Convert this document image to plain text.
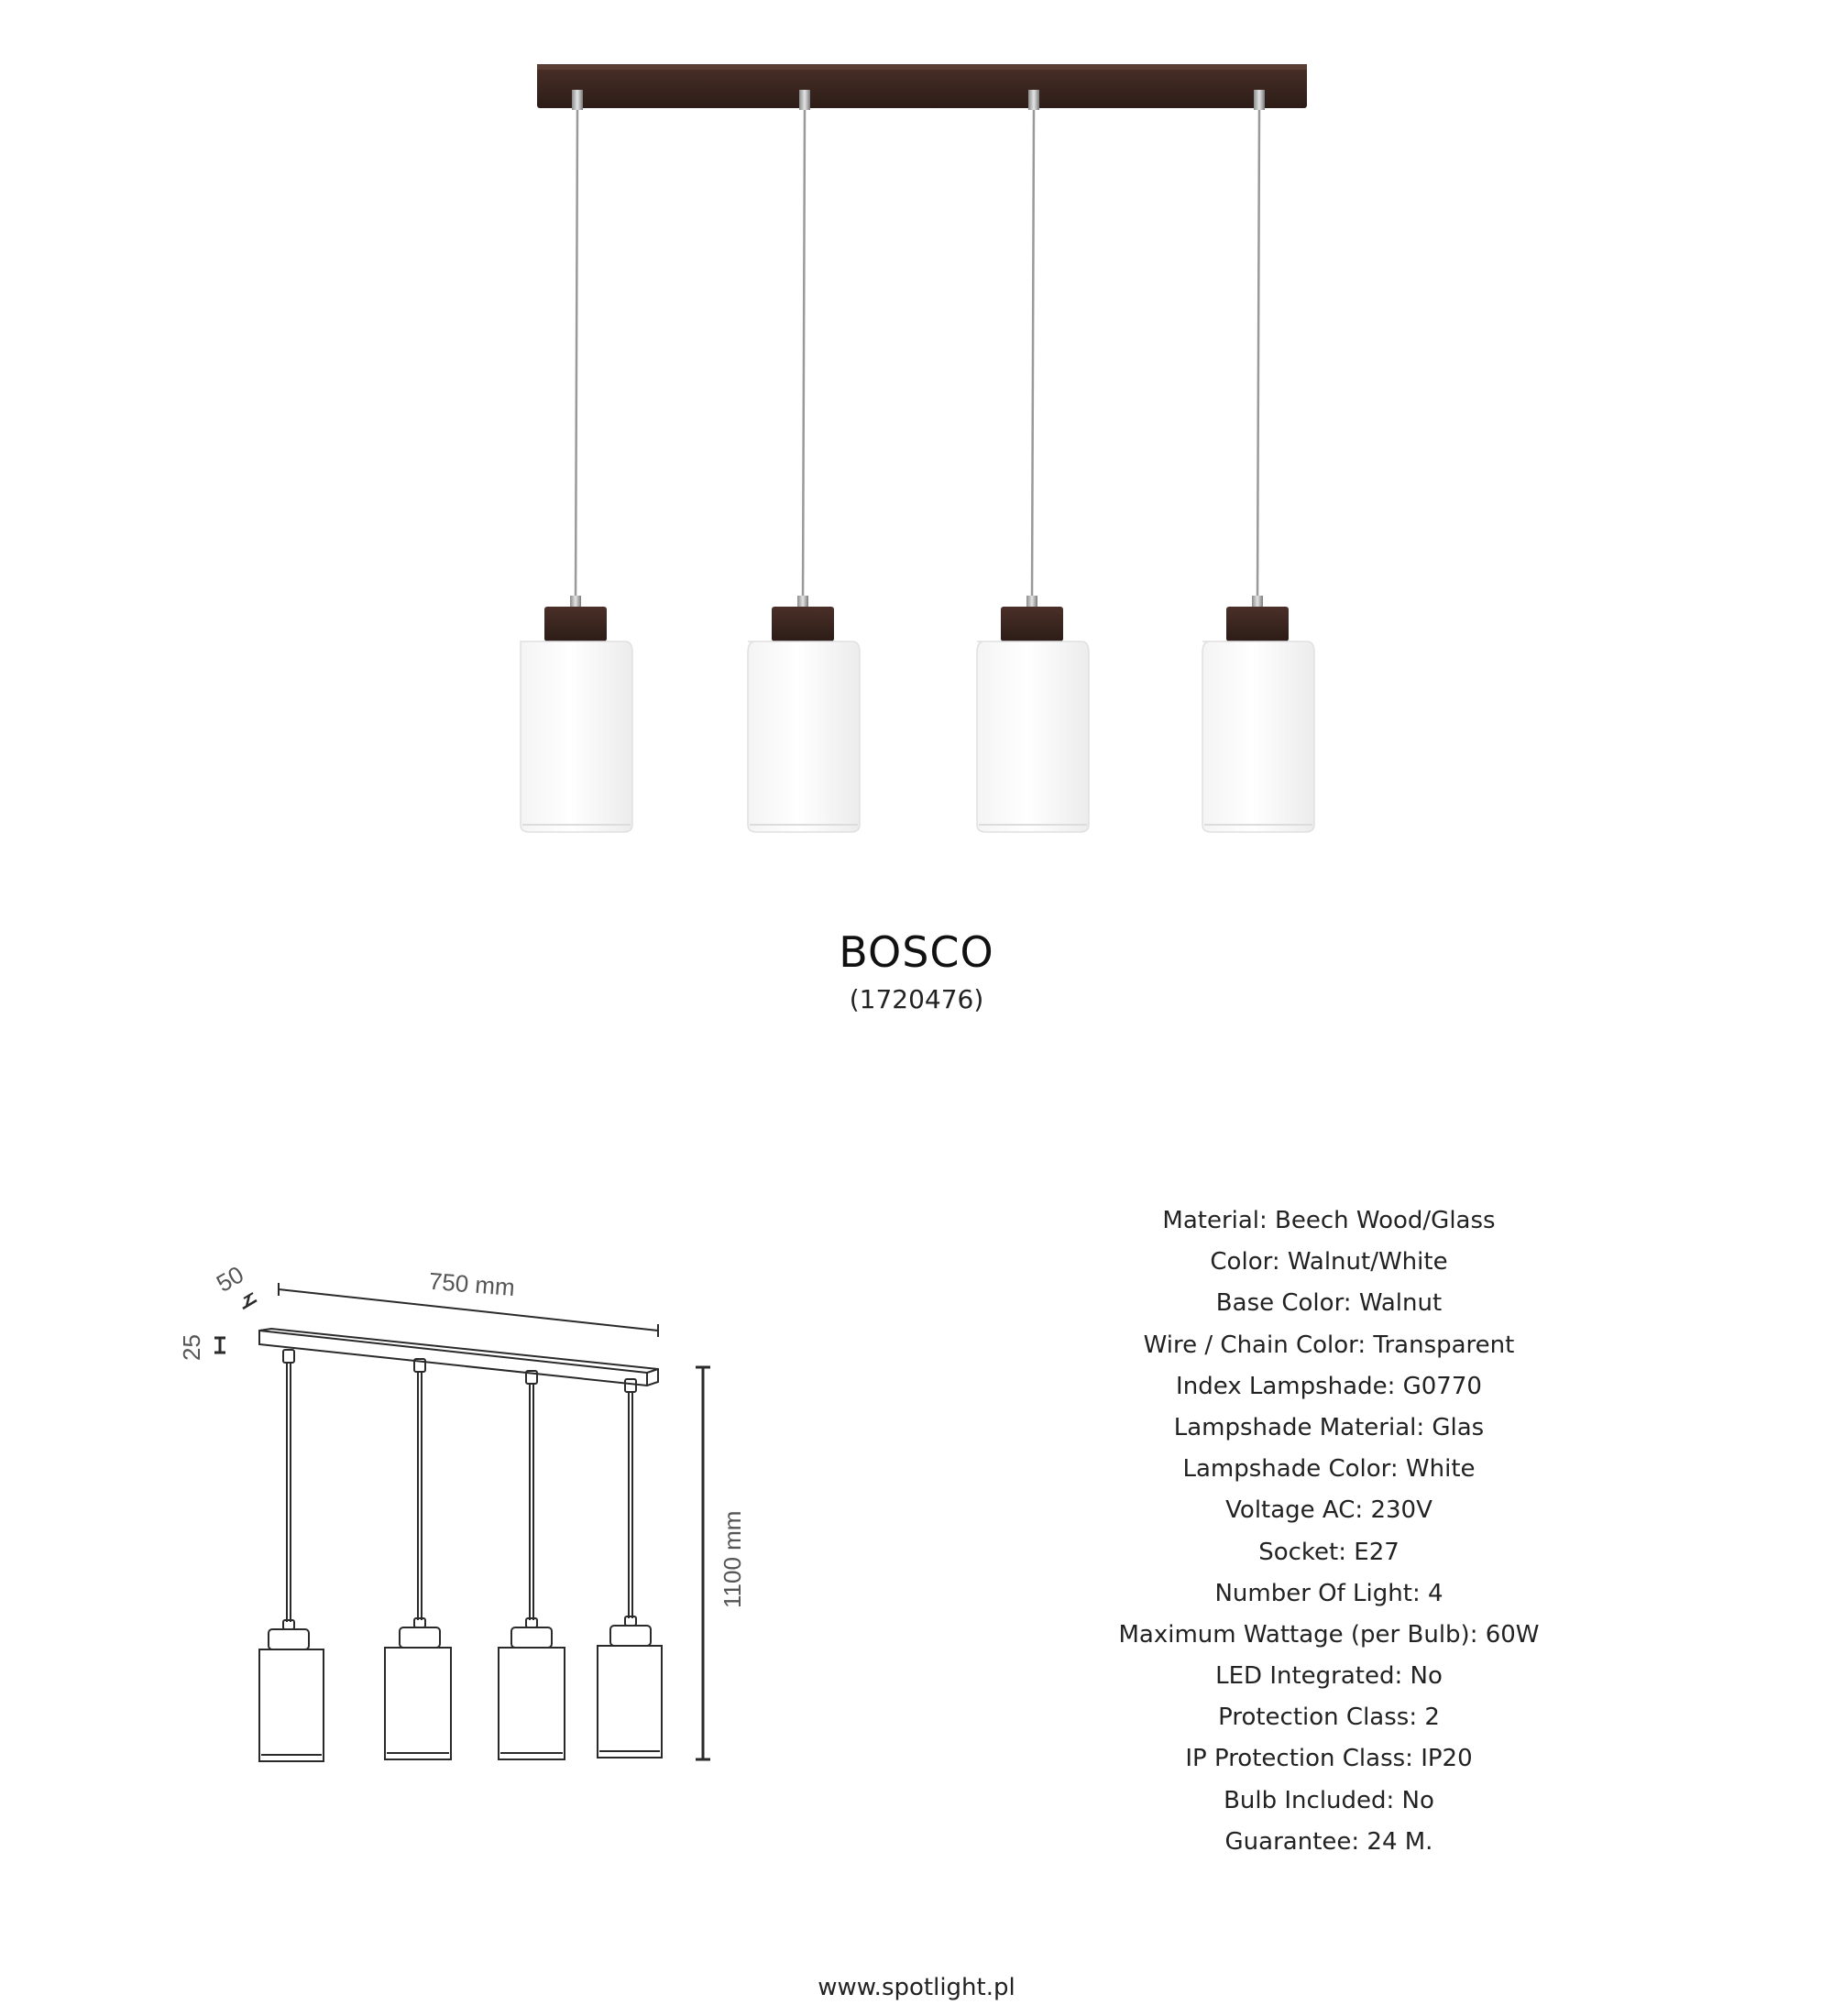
BOSCO
(1720476)
50	750 mm
25
1100 mm
Material: Beech Wood/Glass
Color: Walnut/White
Base Color: Walnut
Wire / Chain Color: Transparent
Index Lampshade: G0770
Lampshade Material: Glas
Lampshade Color: White
Voltage AC: 230V
Socket: E27
Number Of Light: 4
Maximum Wattage (per Bulb): 60W
LED Integrated: No
Protection Class: 2
IP Protection Class: IP20
Bulb Included: No
Guarantee: 24 M.
www.spotlight.pl
